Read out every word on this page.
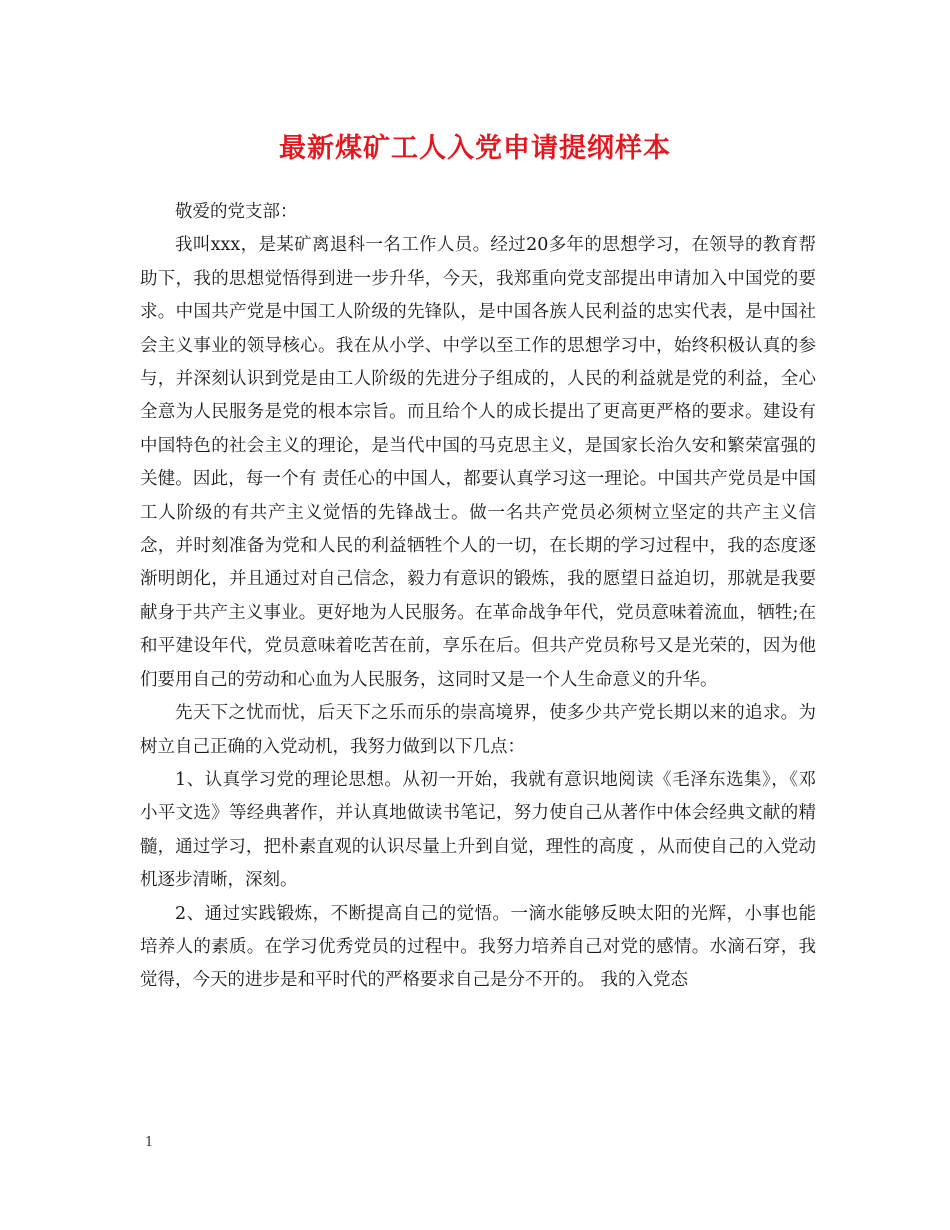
最新煤矿工人入党申请提纲样本

敬爱的党支部：

我叫xxx，是某矿离退科一名工作人员。经过20多年的思想学习，在领导的教育帮助下，我的思想觉悟得到进一步升华，今天，我郑重向党支部提出申请加入中国党的要求。中国共产党是中国工人阶级的先锋队，是中国各族人民利益的忠实代表，是中国社会主义事业的领导核心。我在从小学、中学以至工作的思想学习中，始终积极认真的参与，并深刻认识到党是由工人阶级的先进分子组成的，人民的利益就是党的利益，全心全意为人民服务是党的根本宗旨。而且给个人的成长提出了更高更严格的要求。建设有中国特色的社会主义的理论，是当代中国的马克思主义，是国家长治久安和繁荣富强的关健。因此，每一个有 责任心的中国人，都要认真学习这一理论。中国共产党员是中国工人阶级的有共产主义觉悟的先锋战士。做一名共产党员必须树立坚定的共产主义信念，并时刻准备为党和人民的利益牺牲个人的一切，在长期的学习过程中，我的态度逐渐明朗化，并且通过对自己信念，毅力有意识的锻炼，我的愿望日益迫切，那就是我要献身于共产主义事业。更好地为人民服务。在革命战争年代，党员意味着流血，牺牲;在和平建设年代，党员意味着吃苦在前，享乐在后。但共产党员称号又是光荣的，因为他们要用自己的劳动和心血为人民服务，这同时又是一个人生命意义的升华。

先天下之忧而忧，后天下之乐而乐的崇高境界，使多少共产党长期以来的追求。为树立自己正确的入党动机，我努力做到以下几点：

1、认真学习党的理论思想。从初一开始，我就有意识地阅读《毛泽东选集》，《邓小平文选》等经典著作，并认真地做读书笔记，努力使自己从著作中体会经典文献的精髓，通过学习，把朴素直观的认识尽量上升到自觉，理性的高度 ，从而使自己的入党动机逐步清晰，深刻。

2、通过实践锻炼，不断提高自己的觉悟。一滴水能够反映太阳的光辉，小事也能培养人的素质。在学习优秀党员的过程中。我努力培养自己对党的感情。水滴石穿，我觉得，今天的进步是和平时代的严格要求自己是分不开的。 我的入党态

1
